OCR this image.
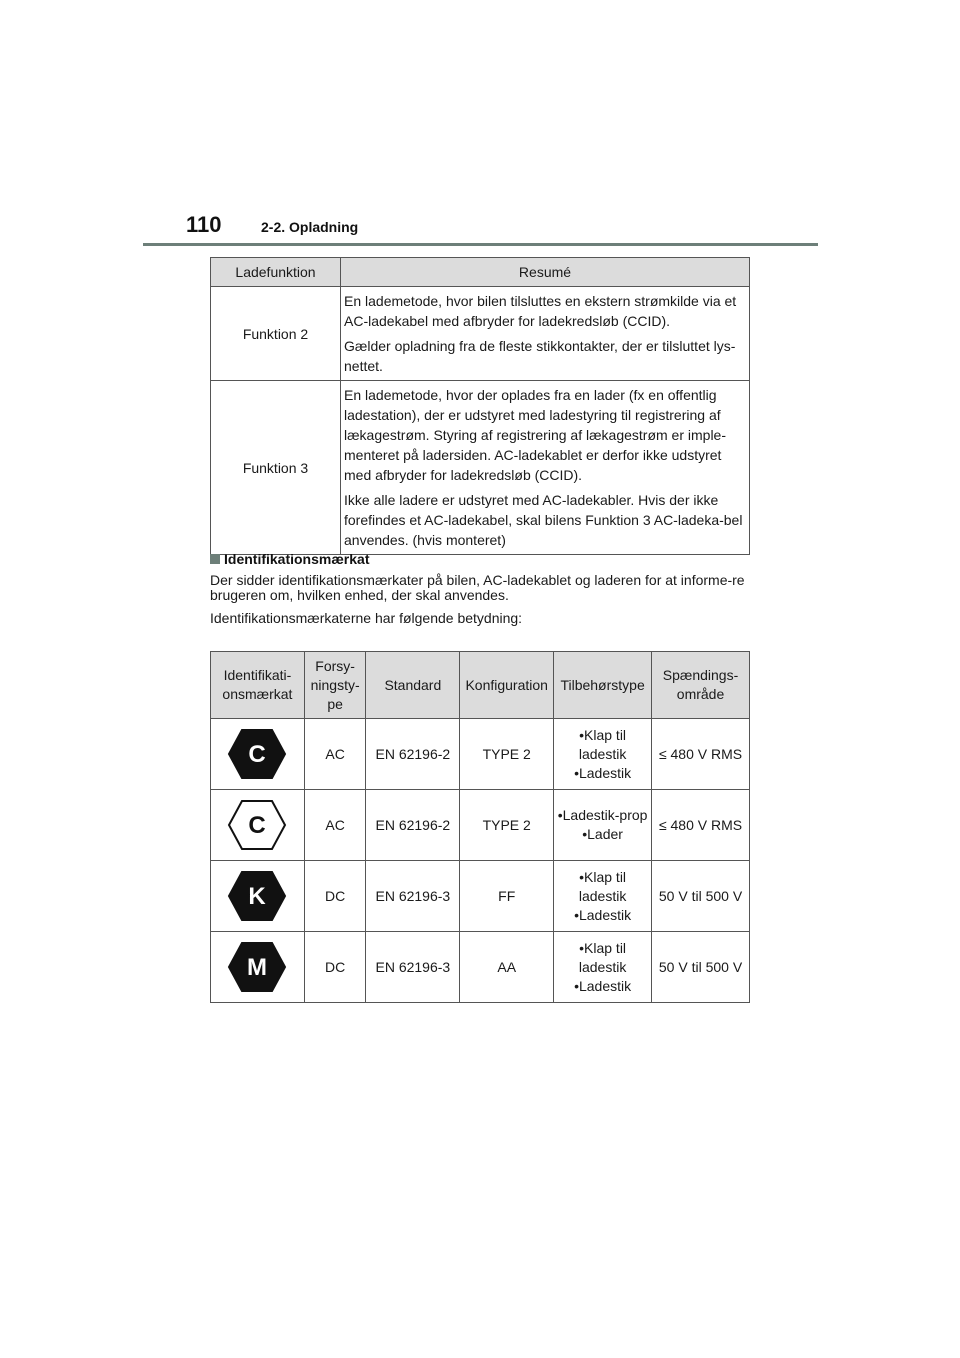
110	2-2. Opladning
Ladefunktion	Resumé
Funktion 2	En lademetode, hvor bilen tilsluttes en ekstern strømkilde via et AC-ladekabel med afbryder for ladekredsløb (CCID).

Gælder opladning fra de fleste stikkontakter, der er tilsluttet lys-nettet.

Funktion 3	En lademetode, hvor der oplades fra en lader (fx en offentlig ladestation), der er udstyret med ladestyring til registrering af lækagestrøm. Styring af registrering af lækagestrøm er imple-menteret på ladersiden. AC-ladekablet er derfor ikke udstyret med afbryder for ladekredsløb (CCID).

Ikke alle ladere er udstyret med AC-ladekabler. Hvis der ikke forefindes et AC-ladekabel, skal bilens Funktion 3 AC-ladeka-bel anvendes. (hvis monteret)

Identifikationsmærkat
Der sidder identifikationsmærkater på bilen, AC-ladekablet og laderen for at informe-re brugeren om, hvilken enhed, der skal anvendes.
Identifikationsmærkaterne har følgende betydning:
Identifikati-onsmærkat	Forsy-ningsty-pe	Standard	Konfiguration	Tilbehørstype	Spændings-område

C	AC	EN 62196-2	TYPE 2	•Klap til ladestik
•Ladestik	≤ 480 V RMS

C	AC	EN 62196-2	TYPE 2	•Ladestik-prop
•Lader	≤ 480 V RMS

K	DC	EN 62196-3	FF	•Klap til ladestik
•Ladestik	50 V til 500 V

M	DC	EN 62196-3	AA	•Klap til ladestik
•Ladestik	50 V til 500 V
